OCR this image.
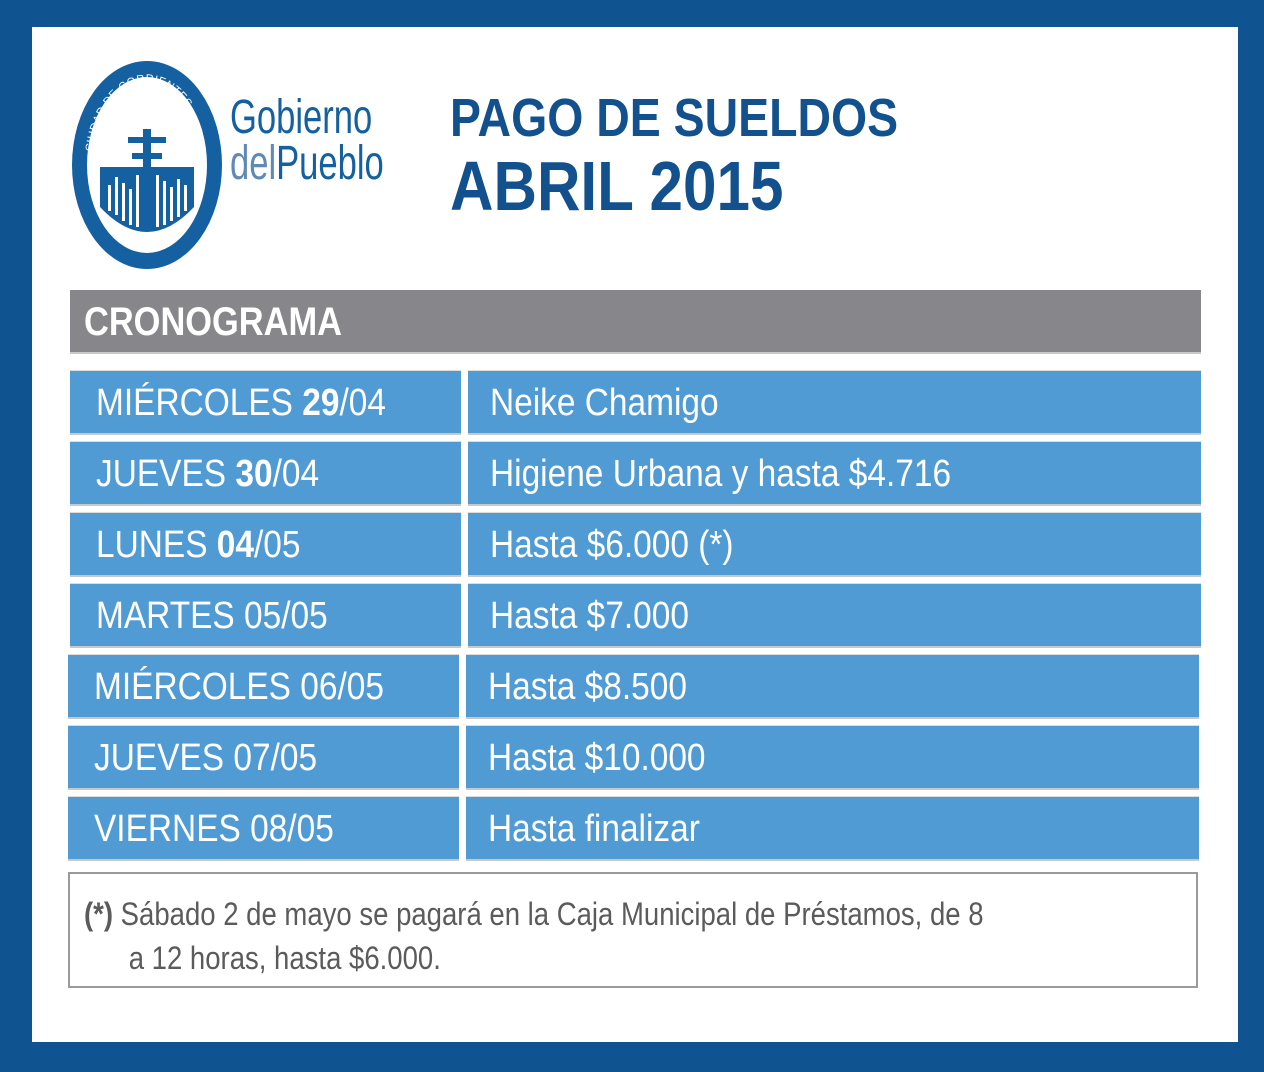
CIUDAD DE CORRIENTES Gobierno
delPueblo
PAGO DE SUELDOS
ABRIL 2015
CRONOGRAMA
MIÉRCOLES 29/04	Neike Chamigo
JUEVES 30/04	Higiene Urbana y hasta $4.716
LUNES 04/05	Hasta $6.000 (*)
MARTES 05/05	Hasta $7.000
MIÉRCOLES 06/05	Hasta $8.500
JUEVES 07/05	Hasta $10.000
VIERNES 08/05	Hasta finalizar
(*) Sábado 2 de mayo se pagará en la Caja Municipal de Préstamos, de 8
a 12 horas, hasta $6.000.
